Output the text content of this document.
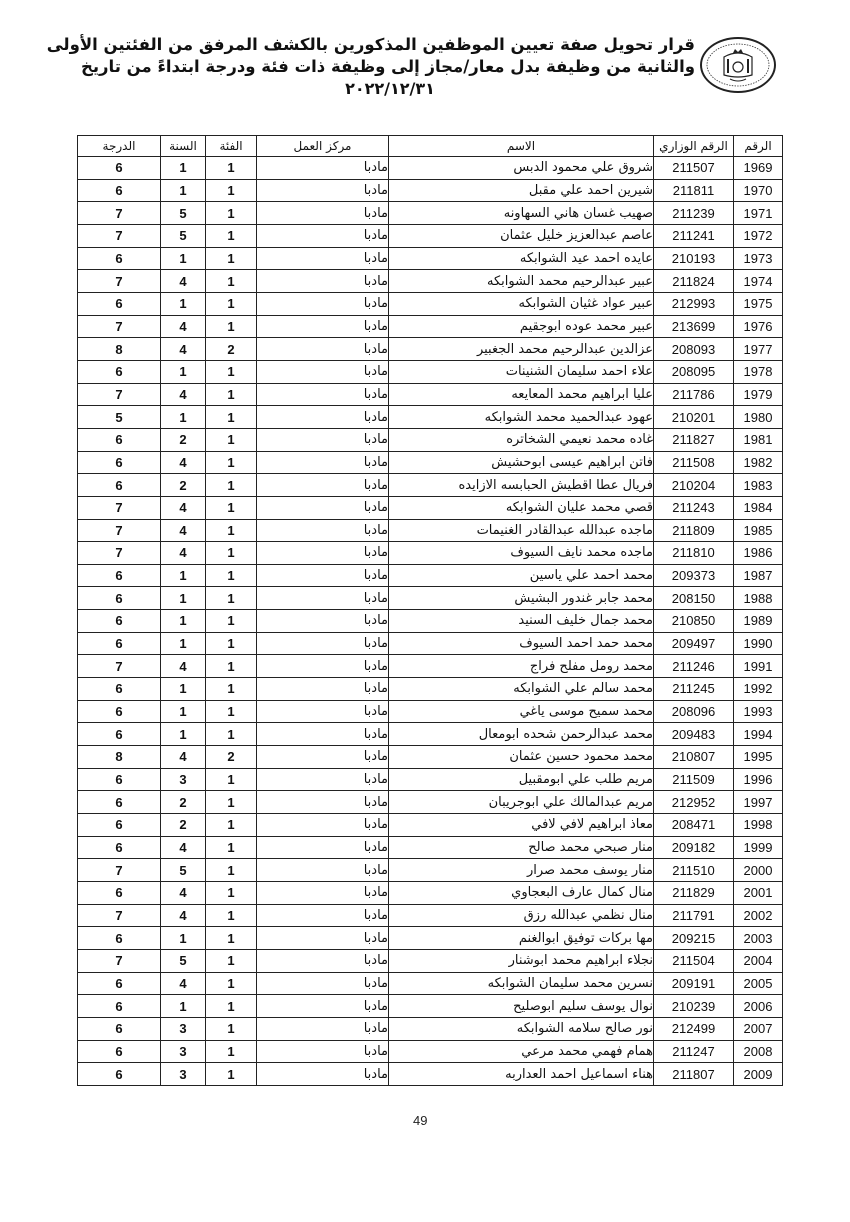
قرار تحويل صفة تعيين الموظفين المذكورين بالكشف المرفق من الفئتين الأولى
والثانية من وظيفة بدل معار/مجاز إلى وظيفة ذات فئة ودرجة ابتداءً من تاريخ
٢٠٢٢/١٢/٣١
الدرجة	السنة	الفئة	مركز العمل	الاسم	الرقم الوزاري	الرقم
6	1	1	مادبا	شروق علي محمود الدبس	211507	1969
6	1	1	مادبا	شيرين احمد علي مقبل	211811	1970
7	5	1	مادبا	صهيب غسان هاني السهاونه	211239	1971
7	5	1	مادبا	عاصم عبدالعزيز خليل عثمان	211241	1972
6	1	1	مادبا	عايده احمد عيد الشوابكه	210193	1973
7	4	1	مادبا	عبير عبدالرحيم محمد الشوابكه	211824	1974
6	1	1	مادبا	عبير عواد غثيان الشوابكه	212993	1975
7	4	1	مادبا	عبير محمد عوده ابوجقيم	213699	1976
8	4	2	مادبا	عزالدين عبدالرحيم محمد الجغبير	208093	1977
6	1	1	مادبا	علاء احمد سليمان الشنينات	208095	1978
7	4	1	مادبا	عليا ابراهيم محمد المعايعه	211786	1979
5	1	1	مادبا	عهود عبدالحميد محمد الشوابكه	210201	1980
6	2	1	مادبا	غاده محمد نعيمي الشخاتره	211827	1981
6	4	1	مادبا	فاتن ابراهيم عيسى ابوحشيش	211508	1982
6	2	1	مادبا	فريال عطا اقطيش الحبابسه الازايده	210204	1983
7	4	1	مادبا	قصي محمد عليان الشوابكه	211243	1984
7	4	1	مادبا	ماجده عبدالله عبدالقادر الغنيمات	211809	1985
7	4	1	مادبا	ماجده محمد نايف السيوف	211810	1986
6	1	1	مادبا	محمد احمد علي ياسين	209373	1987
6	1	1	مادبا	محمد جابر غندور البشيش	208150	1988
6	1	1	مادبا	محمد جمال خليف السنيد	210850	1989
6	1	1	مادبا	محمد حمد احمد السيوف	209497	1990
7	4	1	مادبا	محمد رومل مفلح فراج	211246	1991
6	1	1	مادبا	محمد سالم علي الشوابكه	211245	1992
6	1	1	مادبا	محمد سميح موسى ياغي	208096	1993
6	1	1	مادبا	محمد عبدالرحمن شحده ابومعال	209483	1994
8	4	2	مادبا	محمد محمود حسين عثمان	210807	1995
6	3	1	مادبا	مريم طلب علي ابومقبيل	211509	1996
6	2	1	مادبا	مريم عبدالمالك علي ابوجريبان	212952	1997
6	2	1	مادبا	معاذ ابراهيم لافي لافي	208471	1998
6	4	1	مادبا	منار صبحي محمد صالح	209182	1999
7	5	1	مادبا	منار يوسف محمد صرار	211510	2000
6	4	1	مادبا	منال كمال عارف البعجاوي	211829	2001
7	4	1	مادبا	منال نظمي عبدالله رزق	211791	2002
6	1	1	مادبا	مها بركات توفيق ابوالغنم	209215	2003
7	5	1	مادبا	نجلاء ابراهيم محمد ابوشنار	211504	2004
6	4	1	مادبا	نسرين محمد سليمان الشوابكه	209191	2005
6	1	1	مادبا	نوال يوسف سليم ابوصليح	210239	2006
6	3	1	مادبا	نور صالح سلامه الشوابكه	212499	2007
6	3	1	مادبا	همام فهمي محمد مرعي	211247	2008
6	3	1	مادبا	هناء اسماعيل احمد العداربه	211807	2009
49
